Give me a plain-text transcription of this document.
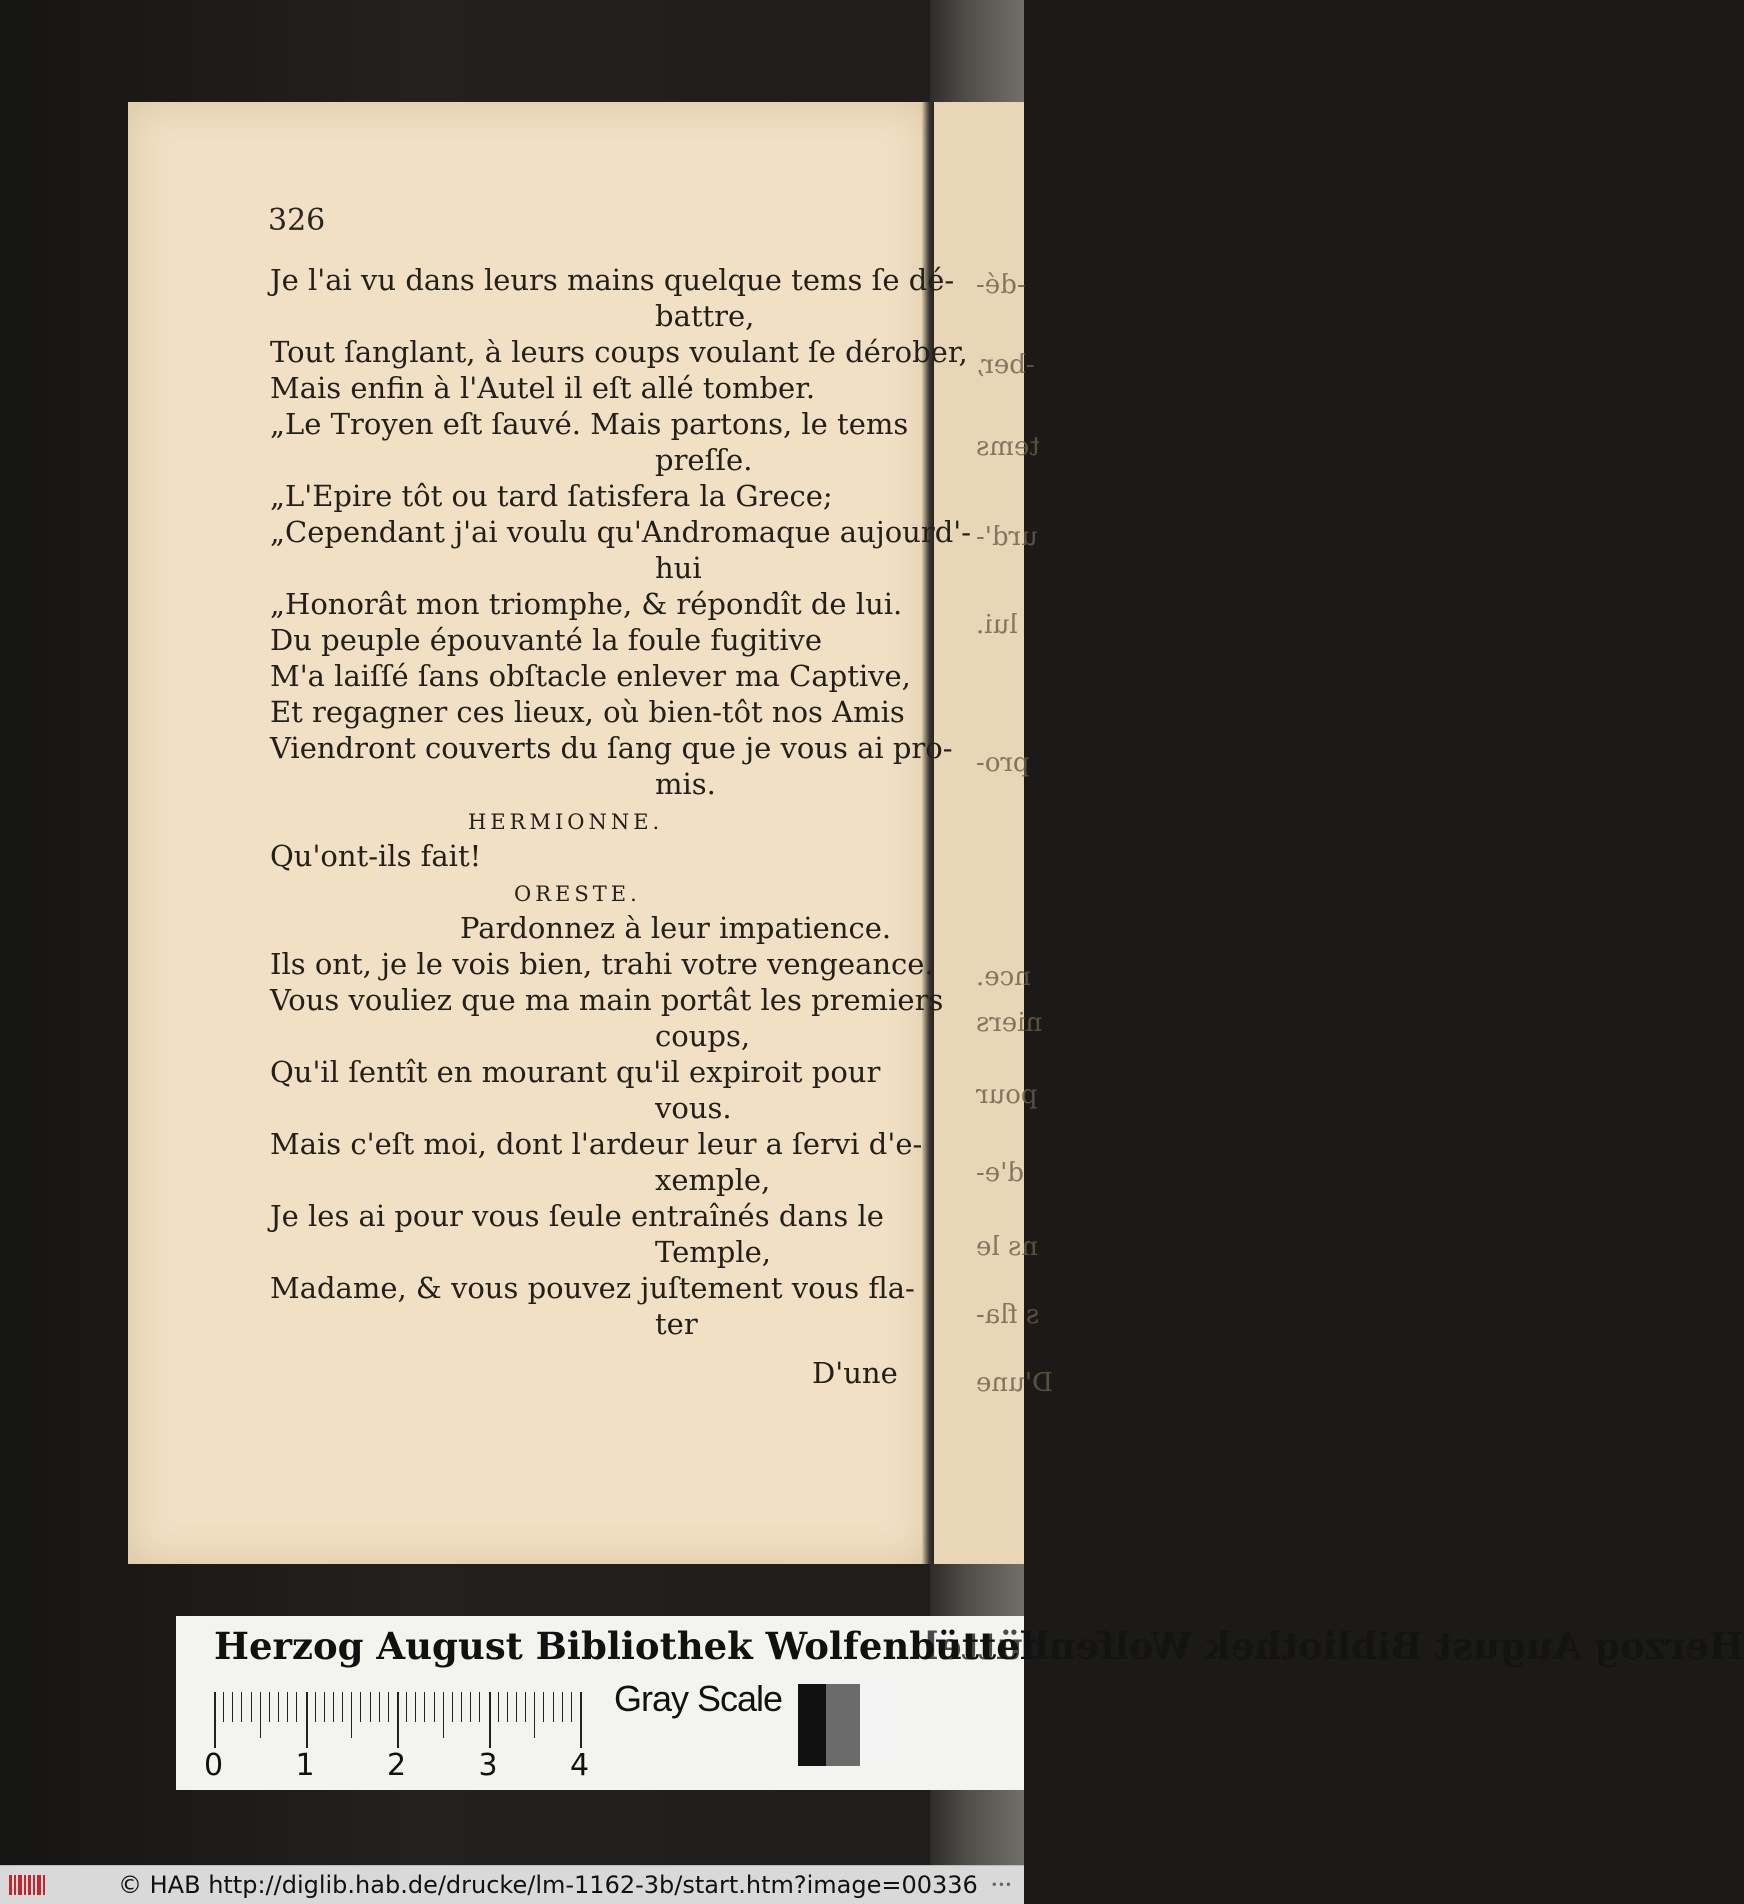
-dé-
-ber,
tems
urd'-
lui.
pro-
nce.
niers
pour
d'e-
ns le
s fla-
D'une
326
Je l'ai vu dans leurs mains quelque tems ſe dé-
battre,
Tout ſanglant, à leurs coups voulant ſe dérober,
Mais enfin à l'Autel il eſt allé tomber.
„Le Troyen eſt ſauvé. Mais partons, le tems
preſſe.
„L'Epire tôt ou tard ſatisfera la Grece;
„Cependant j'ai voulu qu'Andromaque aujourd'-
hui
„Honorât mon triomphe, & répondît de lui.
Du peuple épouvanté la foule fugitive
M'a laiſſé ſans obſtacle enlever ma Captive,
Et regagner ces lieux, où bien-tôt nos Amis
Viendront couverts du ſang que je vous ai pro-
mis.
HERMIONNE.
Qu'ont-ils fait!
ORESTE.
Pardonnez à leur impatience.
Ils ont, je le vois bien, trahi votre vengeance.
Vous vouliez que ma main portât les premiers
coups,
Qu'il ſentît en mourant qu'il expiroit pour
vous.
Mais c'eſt moi, dont l'ardeur leur a ſervi d'e-
xemple,
Je les ai pour vous ſeule entraînés dans le
Temple,
Madame, & vous pouvez juſtement vous fla-
ter
D'une
Herzog August Bibliothek Wolfenbüttel
Herzog August Bibliothek Wolfenbüttel
0 1 2 3 4
Gray Scale
© HAB http://diglib.hab.de/drucke/lm-1162-3b/start.htm?image=00336 •••
